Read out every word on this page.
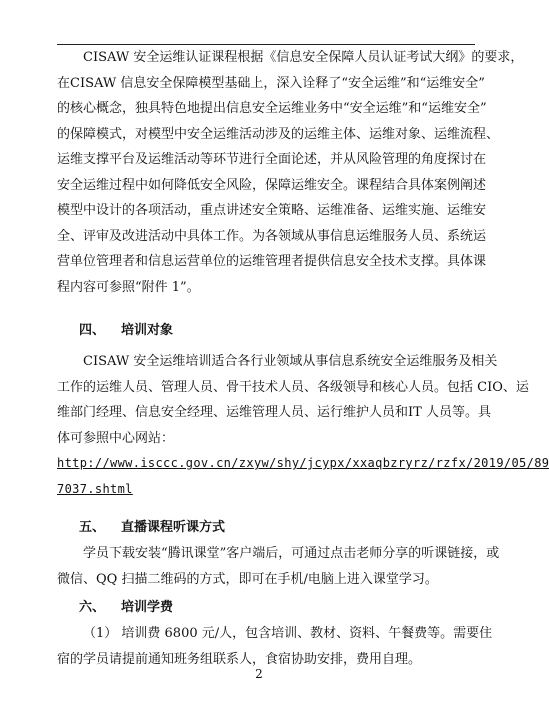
CISAW 安全运维认证课程根据《信息安全保障人员认证考试大纲》的要求，
在CISAW 信息安全保障模型基础上，深入诠释了“安全运维”和“运维安全”
的核心概念，独具特色地提出信息安全运维业务中“安全运维”和“运维安全”
的保障模式，对模型中安全运维活动涉及的运维主体、运维对象、运维流程、
运维支撑平台及运维活动等环节进行全面论述，并从风险管理的角度探讨在
安全运维过程中如何降低安全风险，保障运维安全。课程结合具体案例阐述
模型中设计的各项活动，重点讲述安全策略、运维准备、运维实施、运维安
全、评审及改进活动中具体工作。为各领域从事信息运维服务人员、系统运
营单位管理者和信息运营单位的运维管理者提供信息安全技术支撑。具体课
程内容可参照“附件 1”。
四、 培训对象
CISAW 安全运维培训适合各行业领域从事信息系统安全运维服务及相关
工作的运维人员、管理人员、骨干技术人员、各级领导和核心人员。包括 CIO、运
维部门经理、信息安全经理、运维管理人员、运行维护人员和IT 人员等。具
体可参照中心网站：
http://www.isccc.gov.cn/zxyw/shy/jcypx/xxaqbzryrz/rzfx/2019/05/89
7037.shtml
五、 直播课程听课方式
学员下载安装“腾讯课堂”客户端后，可通过点击老师分享的听课链接，或
微信、QQ 扫描二维码的方式，即可在手机/电脑上进入课堂学习。
六、 培训学费
（1） 培训费 6800 元/人，包含培训、教材、资料、午餐费等。需要住
宿的学员请提前通知班务组联系人，食宿协助安排，费用自理。
2
